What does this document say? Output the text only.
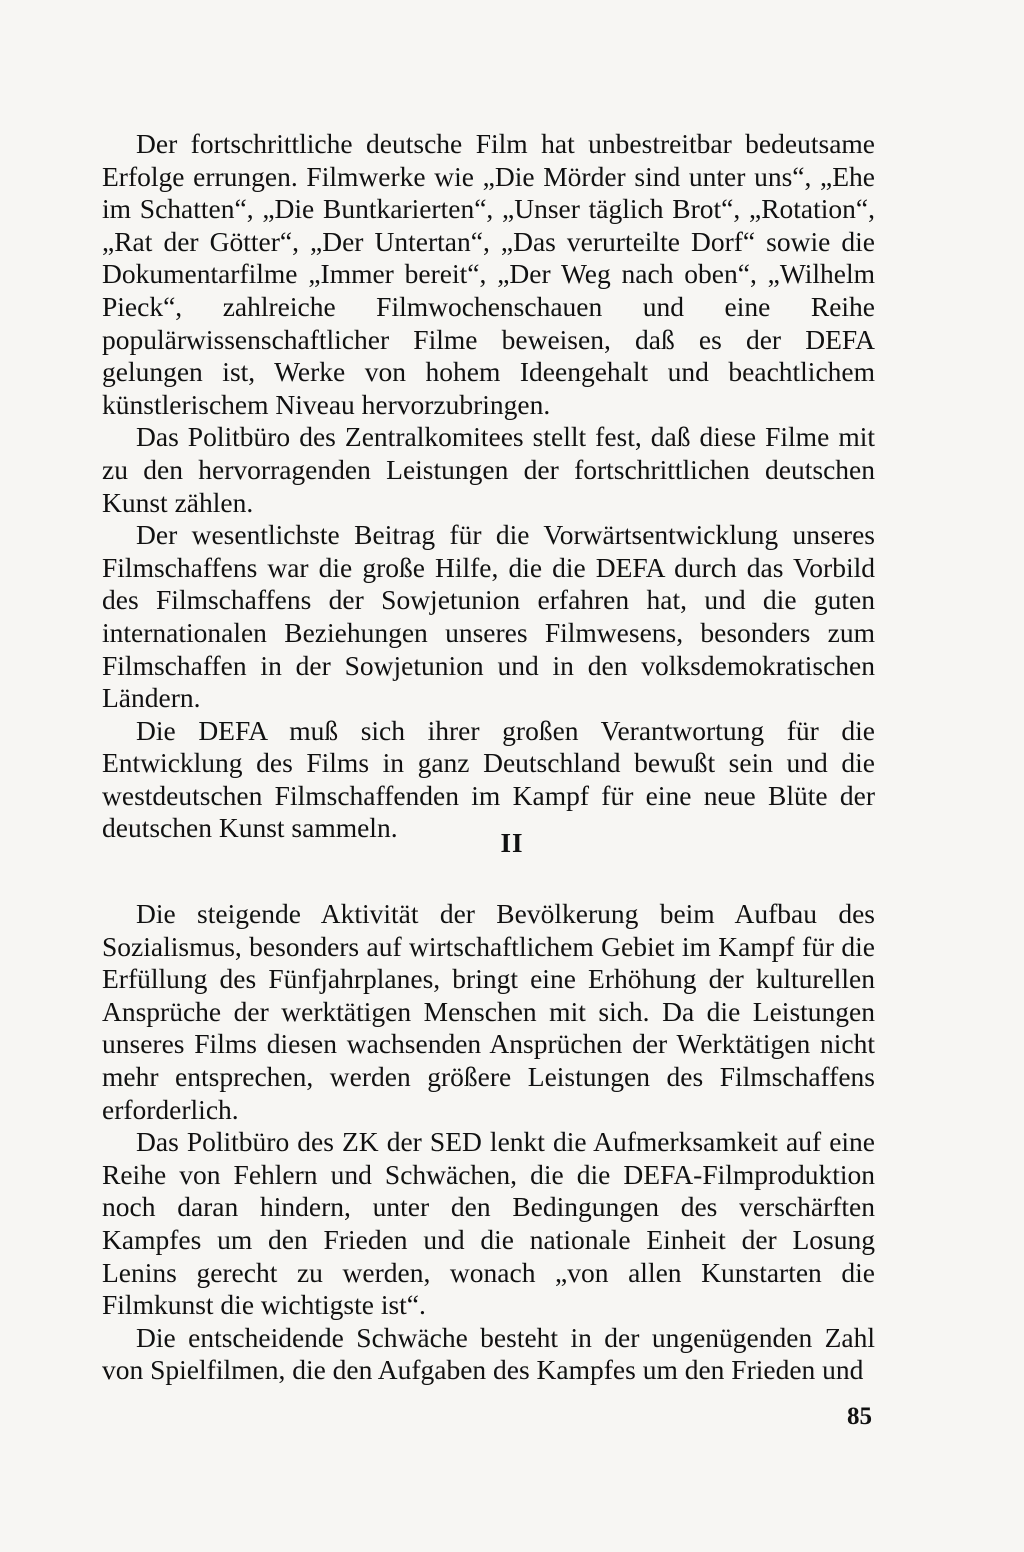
Der fortschrittliche deutsche Film hat unbestreitbar bedeutsame Erfolge errungen. Filmwerke wie „Die Mörder sind unter uns“, „Ehe im Schatten“, „Die Buntkarierten“, „Unser täglich Brot“, „Rotation“, „Rat der Götter“, „Der Untertan“, „Das verurteilte Dorf“ sowie die Dokumentarfilme „Immer bereit“, „Der Weg nach oben“, „Wilhelm Pieck“, zahlreiche Filmwochenschauen und eine Reihe populärwissenschaftlicher Filme beweisen, daß es der DEFA gelungen ist, Werke von hohem Ideengehalt und beachtlichem künstlerischem Niveau hervorzubringen.

Das Politbüro des Zentralkomitees stellt fest, daß diese Filme mit zu den hervorragenden Leistungen der fortschrittlichen deutschen Kunst zählen.

Der wesentlichste Beitrag für die Vorwärtsentwicklung unseres Filmschaffens war die große Hilfe, die die DEFA durch das Vorbild des Filmschaffens der Sowjetunion erfahren hat, und die guten internationalen Beziehungen unseres Filmwesens, besonders zum Filmschaffen in der Sowjetunion und in den volksdemokratischen Ländern.

Die DEFA muß sich ihrer großen Verantwortung für die Entwicklung des Films in ganz Deutschland bewußt sein und die westdeutschen Filmschaffenden im Kampf für eine neue Blüte der deutschen Kunst sammeln.	II

Die steigende Aktivität der Bevölkerung beim Aufbau des Sozialismus, besonders auf wirtschaftlichem Gebiet im Kampf für die Erfüllung des Fünfjahrplanes, bringt eine Erhöhung der kulturellen Ansprüche der werktätigen Menschen mit sich. Da die Leistungen unseres Films diesen wachsenden Ansprüchen der Werktätigen nicht mehr entsprechen, werden größere Leistungen des Filmschaffens erforderlich.

Das Politbüro des ZK der SED lenkt die Aufmerksamkeit auf eine Reihe von Fehlern und Schwächen, die die DEFA-Filmproduktion noch daran hindern, unter den Bedingungen des verschärften Kampfes um den Frieden und die nationale Einheit der Losung Lenins gerecht zu werden, wonach „von allen Kunstarten die Filmkunst die wichtigste ist“.

Die entscheidende Schwäche besteht in der ungenügenden Zahl von Spielfilmen, die den Aufgaben des Kampfes um den Frieden und

85
